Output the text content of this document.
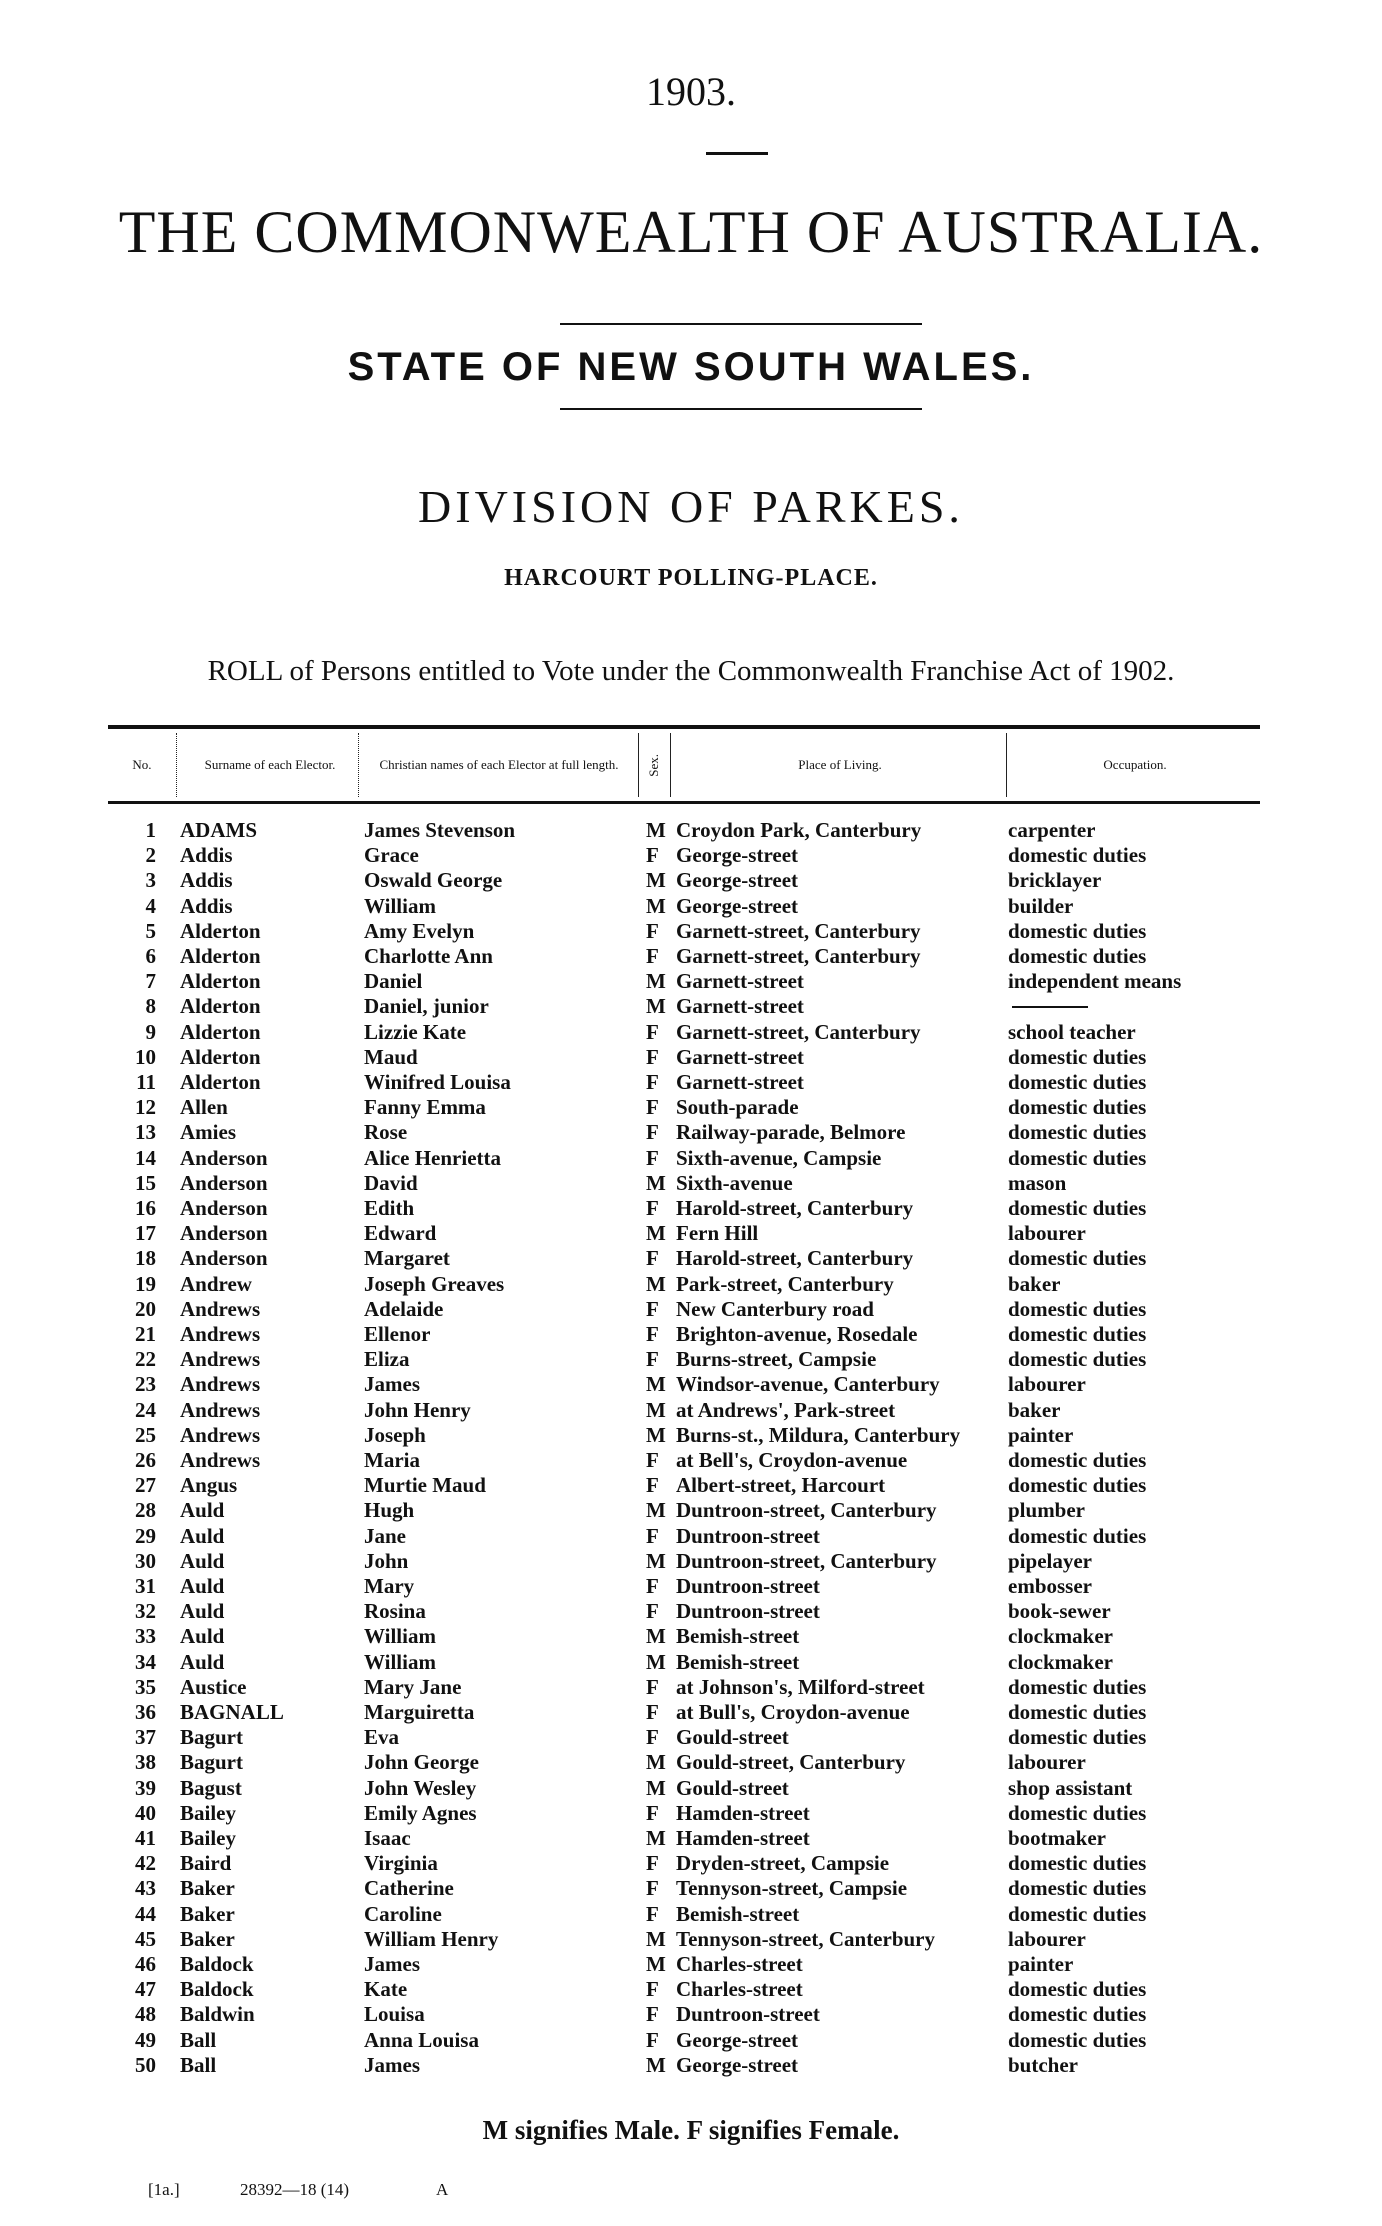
1903.
THE COMMONWEALTH OF AUSTRALIA.
STATE OF NEW SOUTH WALES.
DIVISION OF PARKES.
HARCOURT POLLING-PLACE.
ROLL of Persons entitled to Vote under the Commonwealth Franchise Act of 1902.
No.	Surname of each Elector.	Christian names of each Elector at full length.	Sex.	Place of Living.	Occupation.
1 ADAMS	James Stevenson	M Croydon Park, Canterbury	carpenter
2 Addis	Grace	F George-street	domestic duties
3 Addis	Oswald George	M George-street	bricklayer
4 Addis	William	M George-street	builder
5 Alderton	Amy Evelyn	F Garnett-street, Canterbury	domestic duties
6 Alderton	Charlotte Ann	F Garnett-street, Canterbury	domestic duties
7 Alderton	Daniel	M Garnett-street	independent means
8 Alderton	Daniel, junior	M Garnett-street
9 Alderton	Lizzie Kate	F Garnett-street, Canterbury	school teacher
10 Alderton	Maud	F Garnett-street	domestic duties
11 Alderton	Winifred Louisa	F Garnett-street	domestic duties
12 Allen	Fanny Emma	F South-parade	domestic duties
13 Amies	Rose	F Railway-parade, Belmore	domestic duties
14 Anderson	Alice Henrietta	F Sixth-avenue, Campsie	domestic duties
15 Anderson	David	M Sixth-avenue	mason
16 Anderson	Edith	F Harold-street, Canterbury	domestic duties
17 Anderson	Edward	M Fern Hill	labourer
18 Anderson	Margaret	F Harold-street, Canterbury	domestic duties
19 Andrew	Joseph Greaves	M Park-street, Canterbury	baker
20 Andrews	Adelaide	F New Canterbury road	domestic duties
21 Andrews	Ellenor	F Brighton-avenue, Rosedale	domestic duties
22 Andrews	Eliza	F Burns-street, Campsie	domestic duties
23 Andrews	James	M Windsor-avenue, Canterbury	labourer
24 Andrews	John Henry	M at Andrews', Park-street	baker
25 Andrews	Joseph	M Burns-st., Mildura, Canterbury painter
26 Andrews	Maria	F at Bell's, Croydon-avenue	domestic duties
27 Angus	Murtie Maud	F Albert-street, Harcourt	domestic duties
28 Auld	Hugh	M Duntroon-street, Canterbury	plumber
29 Auld	Jane	F Duntroon-street	domestic duties
30 Auld	John	M Duntroon-street, Canterbury	pipelayer
31 Auld	Mary	F Duntroon-street	embosser
32 Auld	Rosina	F Duntroon-street	book-sewer
33 Auld	William	M Bemish-street	clockmaker
34 Auld	William	M Bemish-street	clockmaker
35 Austice	Mary Jane	F at Johnson's, Milford-street	domestic duties
36 BAGNALL	Marguiretta	F at Bull's, Croydon-avenue	domestic duties
37 Bagurt	Eva	F Gould-street	domestic duties
38 Bagurt	John George	M Gould-street, Canterbury	labourer
39 Bagust	John Wesley	M Gould-street	shop assistant
40 Bailey	Emily Agnes	F Hamden-street	domestic duties
41 Bailey	Isaac	M Hamden-street	bootmaker
42 Baird	Virginia	F Dryden-street, Campsie	domestic duties
43 Baker	Catherine	F Tennyson-street, Campsie	domestic duties
44 Baker	Caroline	F Bemish-street	domestic duties
45 Baker	William Henry	M Tennyson-street, Canterbury	labourer
46 Baldock	James	M Charles-street	painter
47 Baldock	Kate	F Charles-street	domestic duties
48 Baldwin	Louisa	F Duntroon-street	domestic duties
49 Ball	Anna Louisa	F George-street	domestic duties
50 Ball	James	M George-street	butcher
M signifies Male. F signifies Female.
[1a.]	28392—18 (14)	A
